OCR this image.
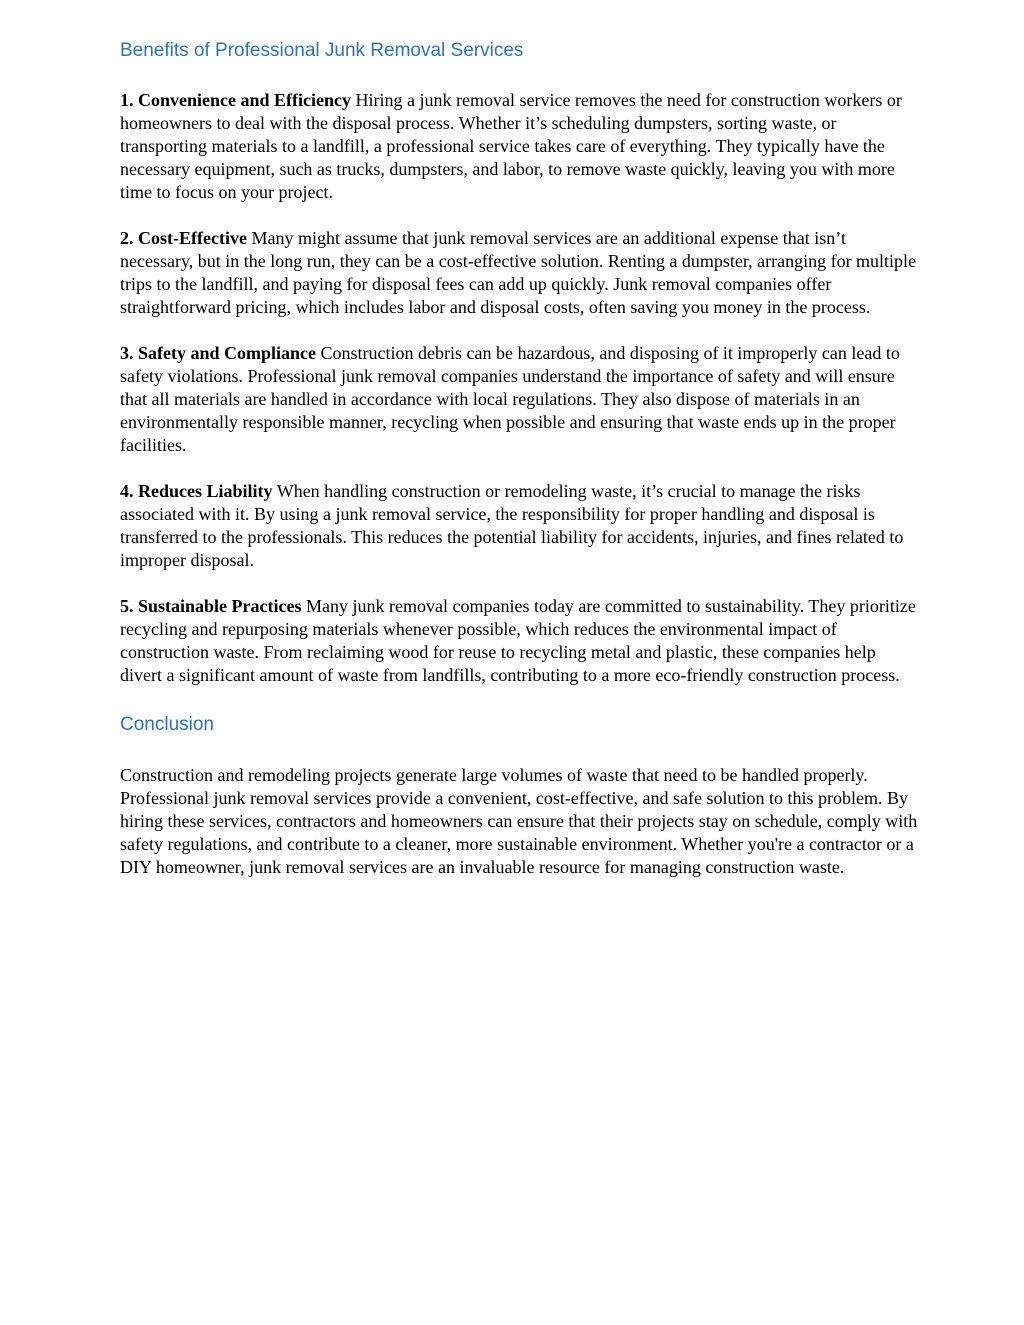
Benefits of Professional Junk Removal Services

1. Convenience and Efficiency Hiring a junk removal service removes the need for construction workers or homeowners to deal with the disposal process. Whether it’s scheduling dumpsters, sorting waste, or transporting materials to a landfill, a professional service takes care of everything. They typically have the necessary equipment, such as trucks, dumpsters, and labor, to remove waste quickly, leaving you with more time to focus on your project.

2. Cost-Effective Many might assume that junk removal services are an additional expense that isn’t necessary, but in the long run, they can be a cost-effective solution. Renting a dumpster, arranging for multiple trips to the landfill, and paying for disposal fees can add up quickly. Junk removal companies offer straightforward pricing, which includes labor and disposal costs, often saving you money in the process.

3. Safety and Compliance Construction debris can be hazardous, and disposing of it improperly can lead to safety violations. Professional junk removal companies understand the importance of safety and will ensure that all materials are handled in accordance with local regulations. They also dispose of materials in an environmentally responsible manner, recycling when possible and ensuring that waste ends up in the proper facilities.

4. Reduces Liability When handling construction or remodeling waste, it’s crucial to manage the risks associated with it. By using a junk removal service, the responsibility for proper handling and disposal is transferred to the professionals. This reduces the potential liability for accidents, injuries, and fines related to improper disposal.

5. Sustainable Practices Many junk removal companies today are committed to sustainability. They prioritize recycling and repurposing materials whenever possible, which reduces the environmental impact of construction waste. From reclaiming wood for reuse to recycling metal and plastic, these companies help divert a significant amount of waste from landfills, contributing to a more eco-friendly construction process.

Conclusion

Construction and remodeling projects generate large volumes of waste that need to be handled properly. Professional junk removal services provide a convenient, cost-effective, and safe solution to this problem. By hiring these services, contractors and homeowners can ensure that their projects stay on schedule, comply with safety regulations, and contribute to a cleaner, more sustainable environment. Whether you're a contractor or a DIY homeowner, junk removal services are an invaluable resource for managing construction waste.
